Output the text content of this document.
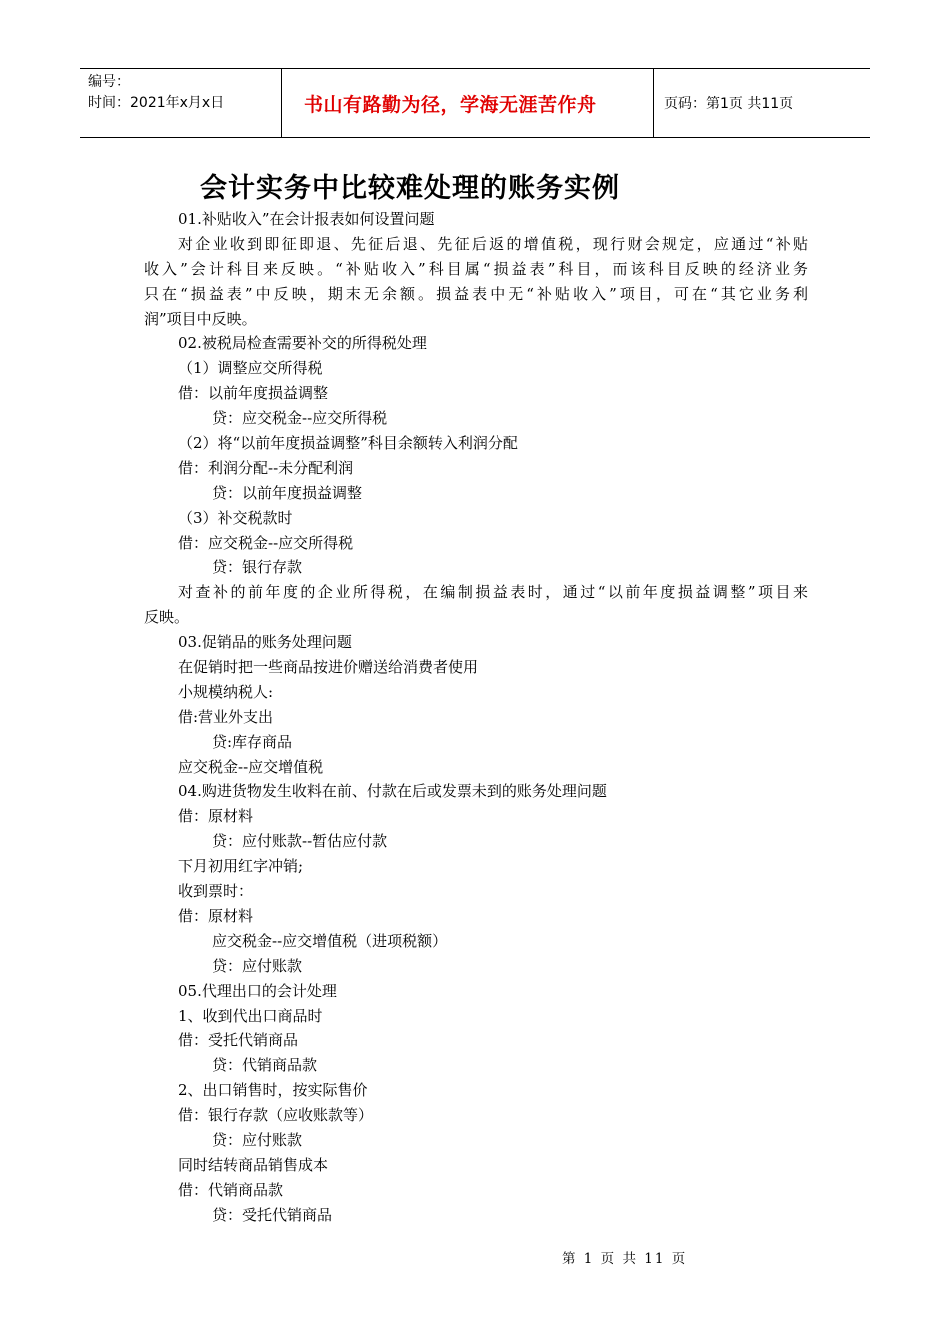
编号：
时间：2021年x月x日	书山有路勤为径，学海无涯苦作舟	页码：第1页 共11页
会计实务中比较难处理的账务实例
01.补贴收入”在会计报表如何设置问题
对企业收到即征即退、先征后退、先征后返的增值税，现行财会规定，应通过“补贴
收入”会计科目来反映。“补贴收入”科目属“损益表”科目，而该科目反映的经济业务
只在“损益表”中反映，期末无余额。损益表中无“补贴收入”项目，可在“其它业务利
润”项目中反映。
02.被税局检查需要补交的所得税处理
（1）调整应交所得税
借：以前年度损益调整
贷：应交税金--应交所得税
（2）将“以前年度损益调整”科目余额转入利润分配
借：利润分配--未分配利润
贷：以前年度损益调整
（3）补交税款时
借：应交税金--应交所得税
贷：银行存款
对查补的前年度的企业所得税，在编制损益表时，通过“以前年度损益调整”项目来
反映。
03.促销品的账务处理问题
在促销时把一些商品按进价赠送给消费者使用
小规模纳税人:
借:营业外支出
贷:库存商品
应交税金--应交增值税
04.购进货物发生收料在前、付款在后或发票未到的账务处理问题
借：原材料
贷：应付账款--暂估应付款
下月初用红字冲销;
收到票时：
借：原材料
应交税金--应交增值税（进项税额）
贷：应付账款
05.代理出口的会计处理
1、收到代出口商品时
借：受托代销商品
贷：代销商品款
2、出口销售时，按实际售价
借：银行存款（应收账款等）
贷：应付账款
同时结转商品销售成本
借：代销商品款
贷：受托代销商品
第 1 页 共 11 页
